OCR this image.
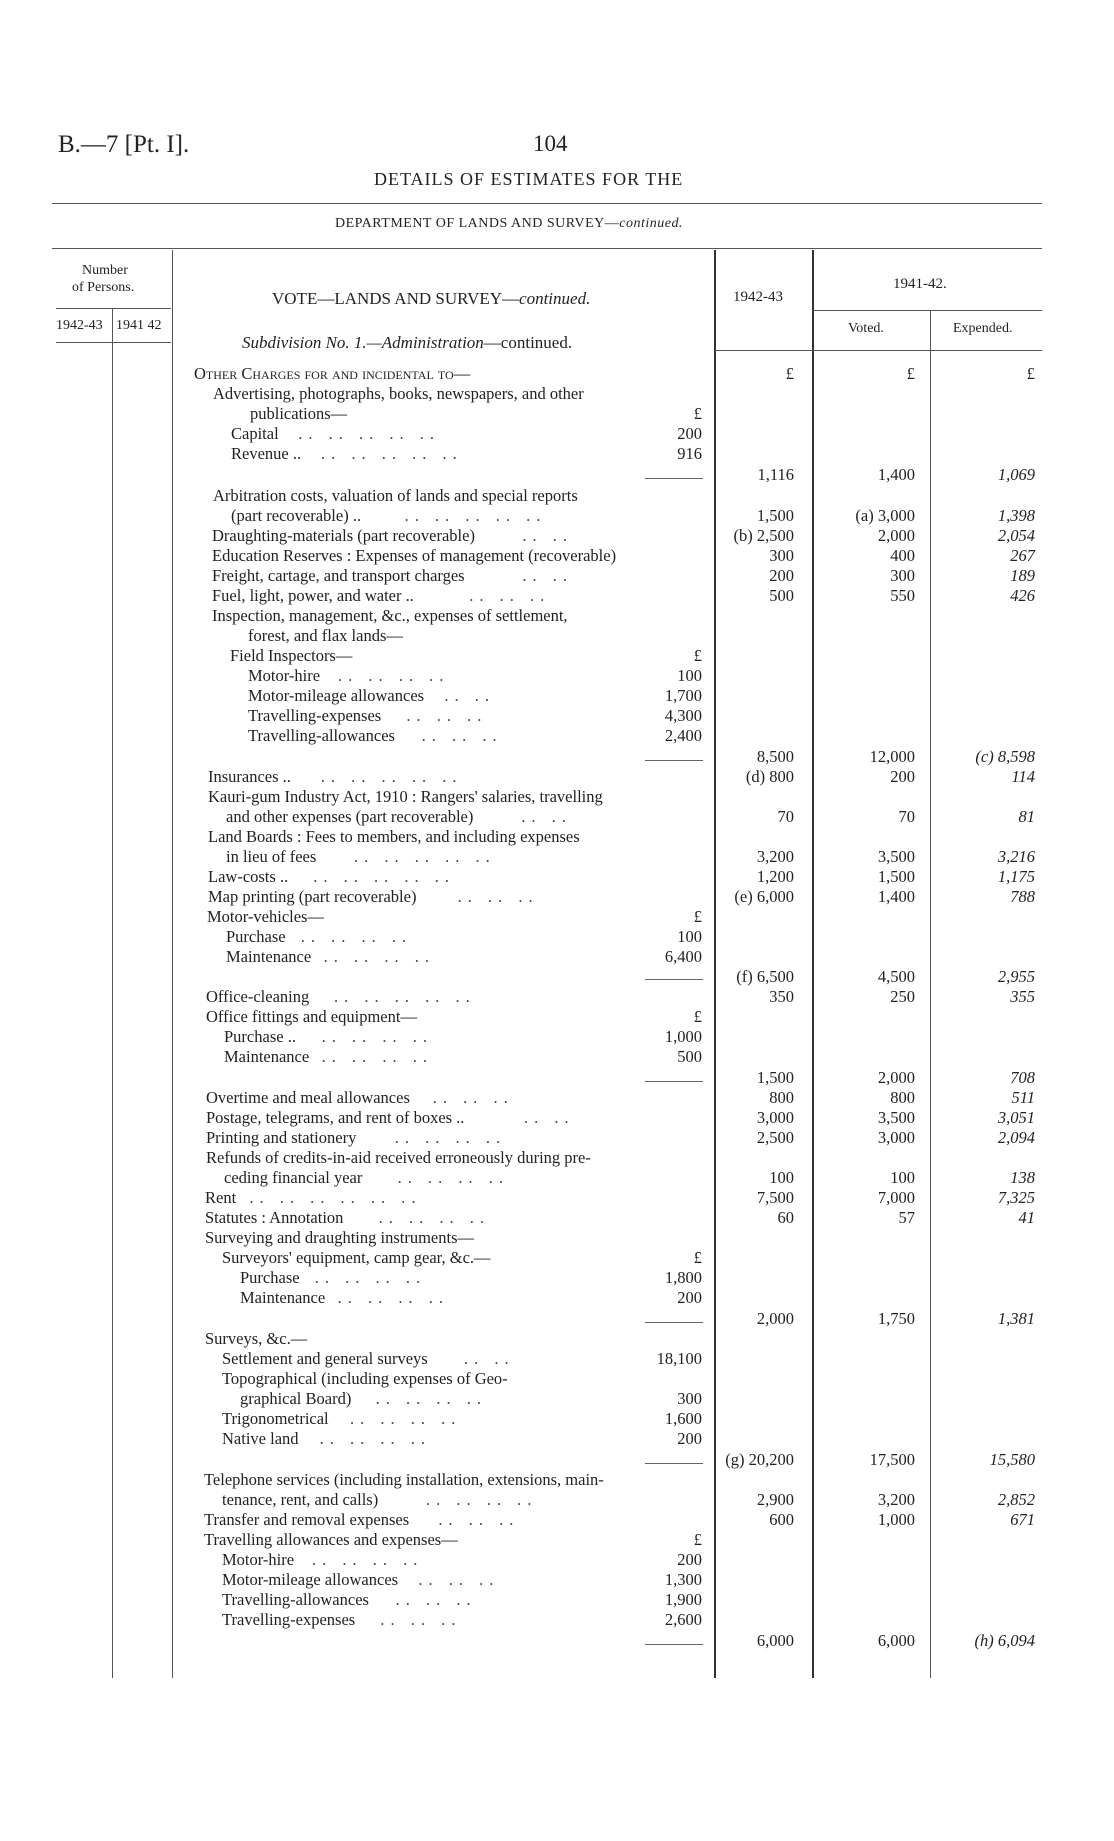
B.—7 [Pt. I].	104
DETAILS OF ESTIMATES FOR THE
DEPARTMENT OF LANDS AND SURVEY—continued.
Number
of Persons.
1942-43 1941 42
VOTE—LANDS AND SURVEY—continued.
Subdivision No. 1.—Administration—continued.
1942-43
1941-42.
Voted.	Expended.
Other Charges for and incidental to—	£	£	£
Advertising, photographs, books, newspapers, and other
publications—	£
Capital .. .. .. .. ..	200
Revenue .. .. .. .. .. ..	916
1,116	1,400	1,069
Arbitration costs, valuation of lands and special reports
(part recoverable) ..	.. .. .. .. ..	1,500	(a) 3,000	1,398
Draughting-materials (part recoverable)	.. ..	(b) 2,500	2,000	2,054
Education Reserves : Expenses of management (recoverable)	300	400	267
Freight, cartage, and transport charges	.. ..	200	300	189
Fuel, light, power, and water ..	.. .. ..	500	550	426
Inspection, management, &c., expenses of settlement,
forest, and flax lands—
Field Inspectors—	£
Motor-hire .. .. .. ..	100
Motor-mileage allowances .. ..	1,700
Travelling-expenses .. .. ..	4,300
Travelling-allowances .. .. ..	2,400
8,500	12,000	(c) 8,598
Insurances .. .. .. .. .. ..	(d) 800	200	114
Kauri-gum Industry Act, 1910 : Rangers' salaries, travelling
and other expenses (part recoverable)	.. ..	70	70	81
Land Boards : Fees to members, and including expenses
in lieu of fees .. .. .. .. ..	3,200	3,500	3,216
Law-costs .. .. .. .. .. ..	1,200	1,500	1,175
Map printing (part recoverable) .. .. ..	(e) 6,000	1,400	788
Motor-vehicles—	£
Purchase .. .. .. ..	100
Maintenance .. .. .. ..	6,400
(f) 6,500	4,500	2,955
Office-cleaning .. .. .. .. ..	350	250	355
Office fittings and equipment—	£
Purchase .. .. .. .. ..	1,000
Maintenance .. .. .. ..	500
1,500	2,000	708
Overtime and meal allowances .. .. ..	800	800	511
Postage, telegrams, and rent of boxes ..	.. ..	3,000	3,500	3,051
Printing and stationery .. .. .. ..	2,500	3,000	2,094
Refunds of credits-in-aid received erroneously during pre-
ceding financial year .. .. .. ..	100	100	138
Rent .. .. .. .. .. ..	7,500	7,000	7,325
Statutes : Annotation .. .. .. ..	60	57	41
Surveying and draughting instruments—
Surveyors' equipment, camp gear, &c.—	£
Purchase .. .. .. ..	1,800
Maintenance .. .. .. ..	200
2,000	1,750	1,381
Surveys, &c.—
Settlement and general surveys .. ..	18,100
Topographical (including expenses of Geo-
graphical Board) .. .. .. ..	300
Trigonometrical .. .. .. ..	1,600
Native land .. .. .. ..	200
(g) 20,200	17,500	15,580
Telephone services (including installation, extensions, main-
tenance, rent, and calls)	.. .. .. ..	2,900	3,200	2,852
Transfer and removal expenses .. .. ..	600	1,000	671
Travelling allowances and expenses—	£
Motor-hire .. .. .. ..	200
Motor-mileage allowances .. .. ..	1,300
Travelling-allowances .. .. ..	1,900
Travelling-expenses .. .. ..	2,600
6,000	6,000	(h) 6,094
